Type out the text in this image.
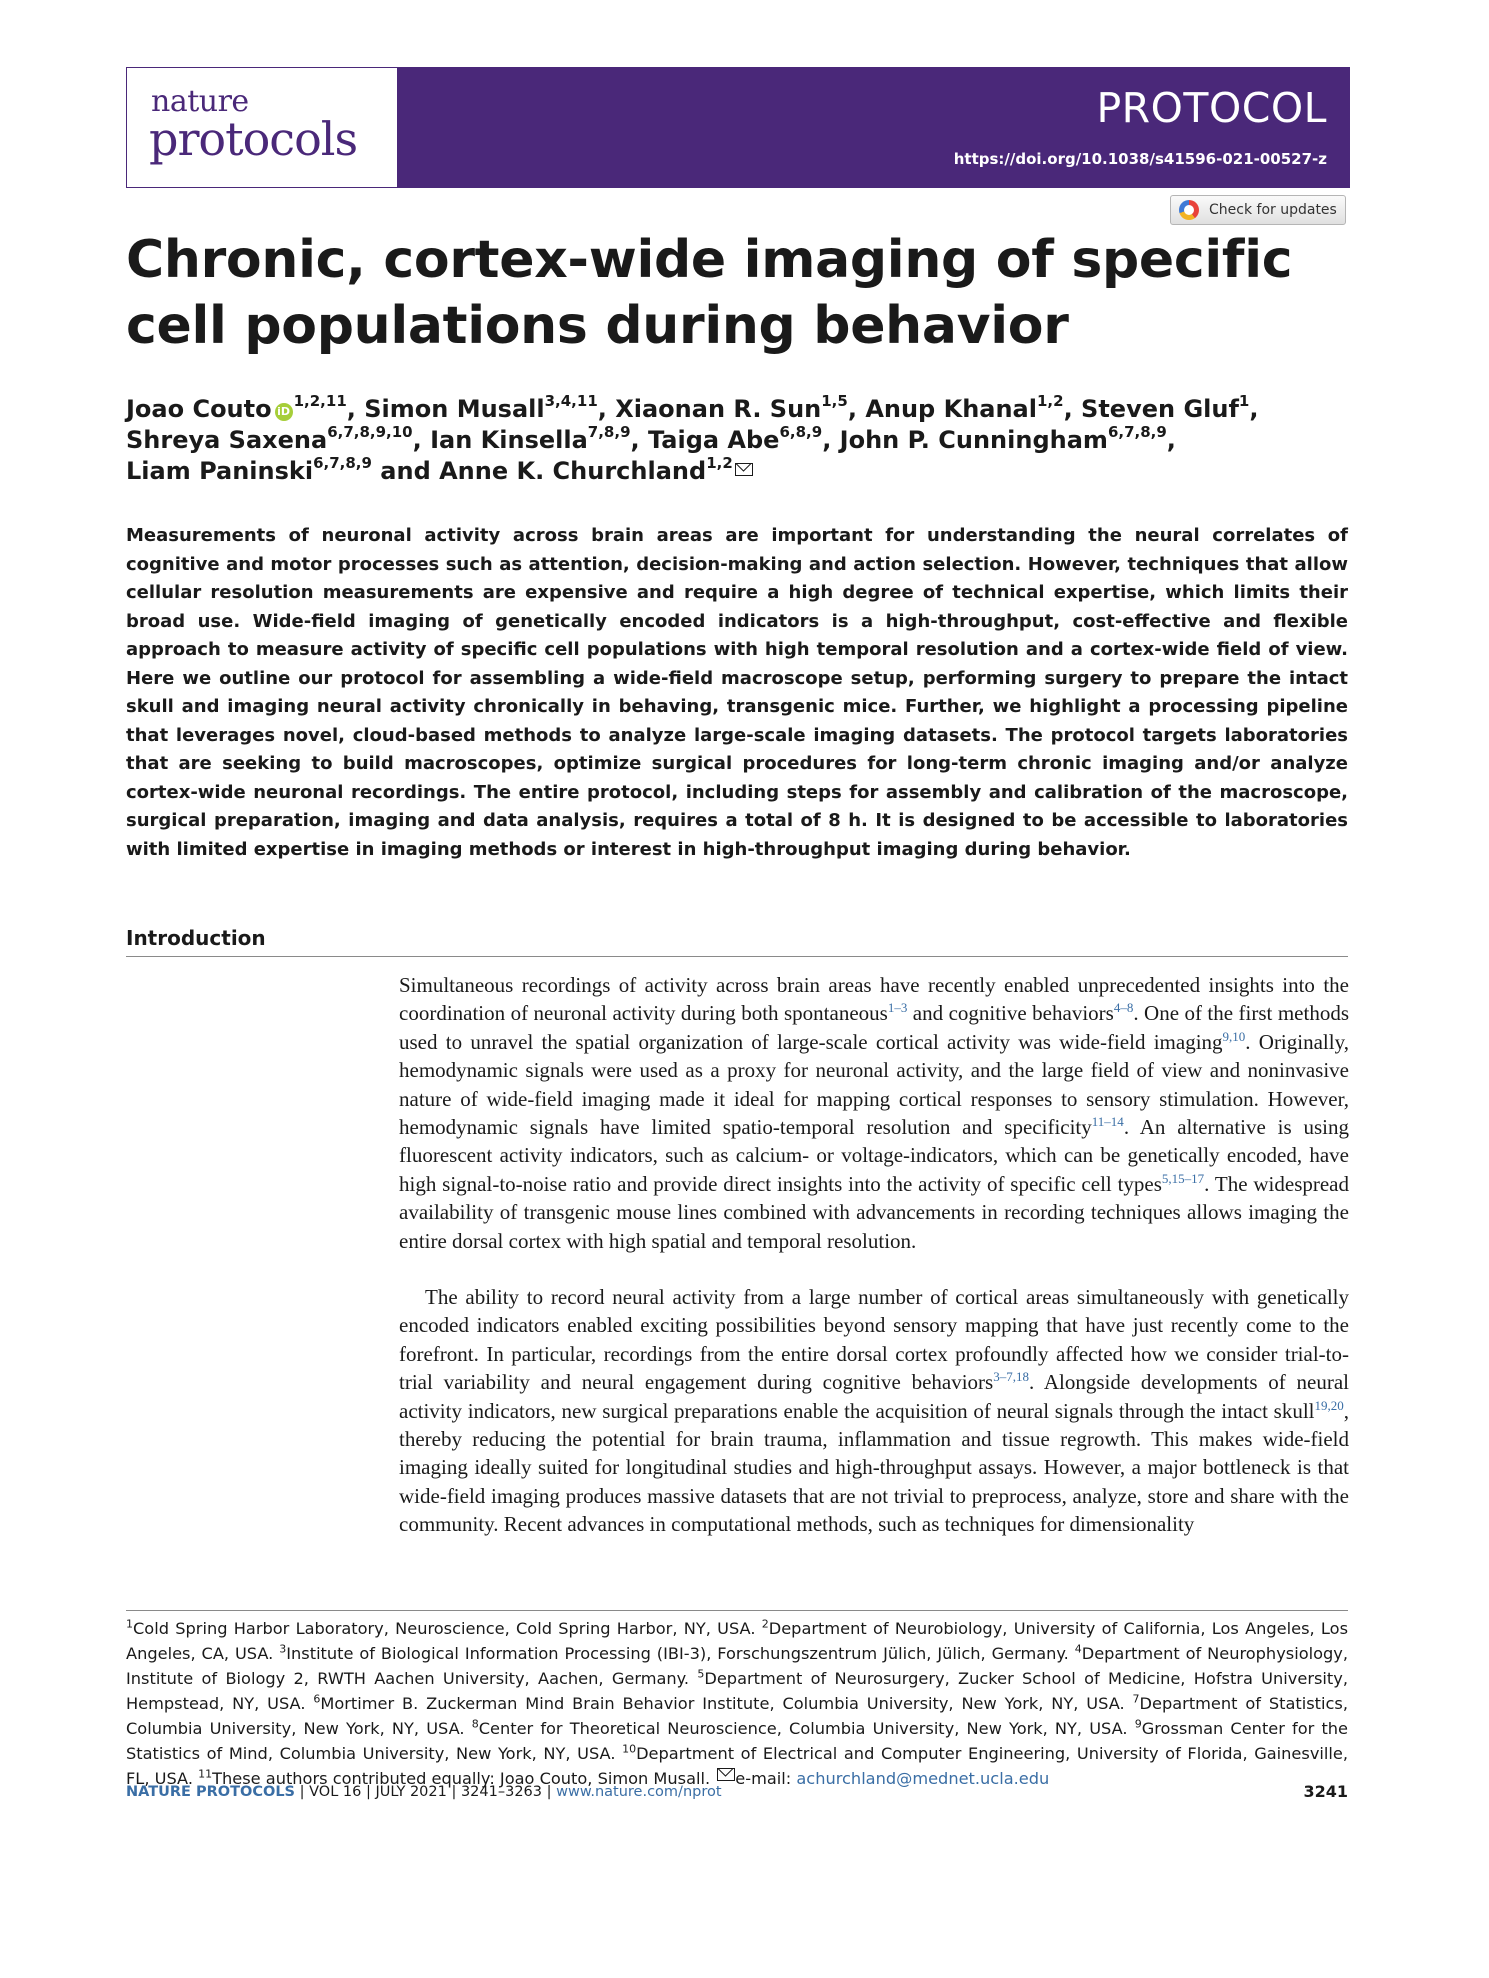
nature
protocols
PROTOCOL
https://doi.org/10.1038/s41596-021-00527-z
Check for updates
Chronic, cortex-wide imaging of specific cell populations during behavior

Joao Couto iD$^{1,2,11}$, Simon Musall$^{3,4,11}$, Xiaonan R. Sun$^{1,5}$, Anup Khanal$^{1,2}$, Steven Gluf$^1$,
Shreya Saxena$^{6,7,8,9,10}$, Ian Kinsella$^{7,8,9}$, Taiga Abe$^{6,8,9}$, John P. Cunningham$^{6,7,8,9}$,
Liam Paninski$^{6,7,8,9}$ and Anne K. Churchland$^{1,2}$

Measurements of neuronal activity across brain areas are important for understanding the neural correlates of cognitive and motor processes such as attention, decision-making and action selection. However, techniques that allow cellular resolution measurements are expensive and require a high degree of technical expertise, which limits their broad use. Wide-field imaging of genetically encoded indicators is a high-throughput, cost-effective and flexible approach to measure activity of specific cell populations with high temporal resolution and a cortex-wide field of view. Here we outline our protocol for assembling a wide-field macroscope setup, performing surgery to prepare the intact skull and imaging neural activity chronically in behaving, transgenic mice. Further, we highlight a processing pipeline that leverages novel, cloud-based methods to analyze large-scale imaging datasets. The protocol targets laboratories that are seeking to build macroscopes, optimize surgical procedures for long-term chronic imaging and/or analyze cortex-wide neuronal recordings. The entire protocol, including steps for assembly and calibration of the macroscope, surgical preparation, imaging and data analysis, requires a total of 8 h. It is designed to be accessible to laboratories with limited expertise in imaging methods or interest in high-throughput imaging during behavior.

Introduction

Simultaneous recordings of activity across brain areas have recently enabled unprecedented insights into the coordination of neuronal activity during both spontaneous$^{1-3}$ and cognitive behaviors$^{4-8}$. One of the first methods used to unravel the spatial organization of large-scale cortical activity was wide-field imaging$^{9,10}$. Originally, hemodynamic signals were used as a proxy for neuronal activity, and the large field of view and noninvasive nature of wide-field imaging made it ideal for mapping cortical responses to sensory stimulation. However, hemodynamic signals have limited spatio-temporal resolution and specificity$^{11-14}$. An alternative is using fluorescent activity indicators, such as calcium- or voltage-indicators, which can be genetically encoded, have high signal-to-noise ratio and provide direct insights into the activity of specific cell types$^{5,15-17}$. The widespread availability of transgenic mouse lines combined with advancements in recording techniques allows imaging the entire dorsal cortex with high spatial and temporal resolution.

The ability to record neural activity from a large number of cortical areas simultaneously with genetically encoded indicators enabled exciting possibilities beyond sensory mapping that have just recently come to the forefront. In particular, recordings from the entire dorsal cortex profoundly affected how we consider trial-to-trial variability and neural engagement during cognitive behaviors$^{3-7,18}$. Alongside developments of neural activity indicators, new surgical preparations enable the acquisition of neural signals through the intact skull$^{19,20}$, thereby reducing the potential for brain trauma, inflammation and tissue regrowth. This makes wide-field imaging ideally suited for longitudinal studies and high-throughput assays. However, a major bottleneck is that wide-field imaging produces massive datasets that are not trivial to preprocess, analyze, store and share with the community. Recent advances in computational methods, such as techniques for dimensionality

$^1$Cold Spring Harbor Laboratory, Neuroscience, Cold Spring Harbor, NY, USA. $^2$Department of Neurobiology, University of California, Los Angeles, Los Angeles, CA, USA. $^3$Institute of Biological Information Processing (IBI-3), Forschungszentrum Jülich, Jülich, Germany. $^4$Department of Neurophysiology, Institute of Biology 2, RWTH Aachen University, Aachen, Germany. $^5$Department of Neurosurgery, Zucker School of Medicine, Hofstra University, Hempstead, NY, USA. $^6$Mortimer B. Zuckerman Mind Brain Behavior Institute, Columbia University, New York, NY, USA. $^7$Department of Statistics, Columbia University, New York, NY, USA. $^8$Center for Theoretical Neuroscience, Columbia University, New York, NY, USA. $^9$Grossman Center for the Statistics of Mind, Columbia University, New York, NY, USA. $^{10}$Department of Electrical and Computer Engineering, University of Florida, Gainesville, FL, USA. $^{11}$These authors contributed equally: Joao Couto, Simon Musall. e-mail: achurchland@mednet.ucla.edu

NATURE PROTOCOLS | VOL 16 | JULY 2021 | 3241–3263 | www.nature.com/nprot	3241
